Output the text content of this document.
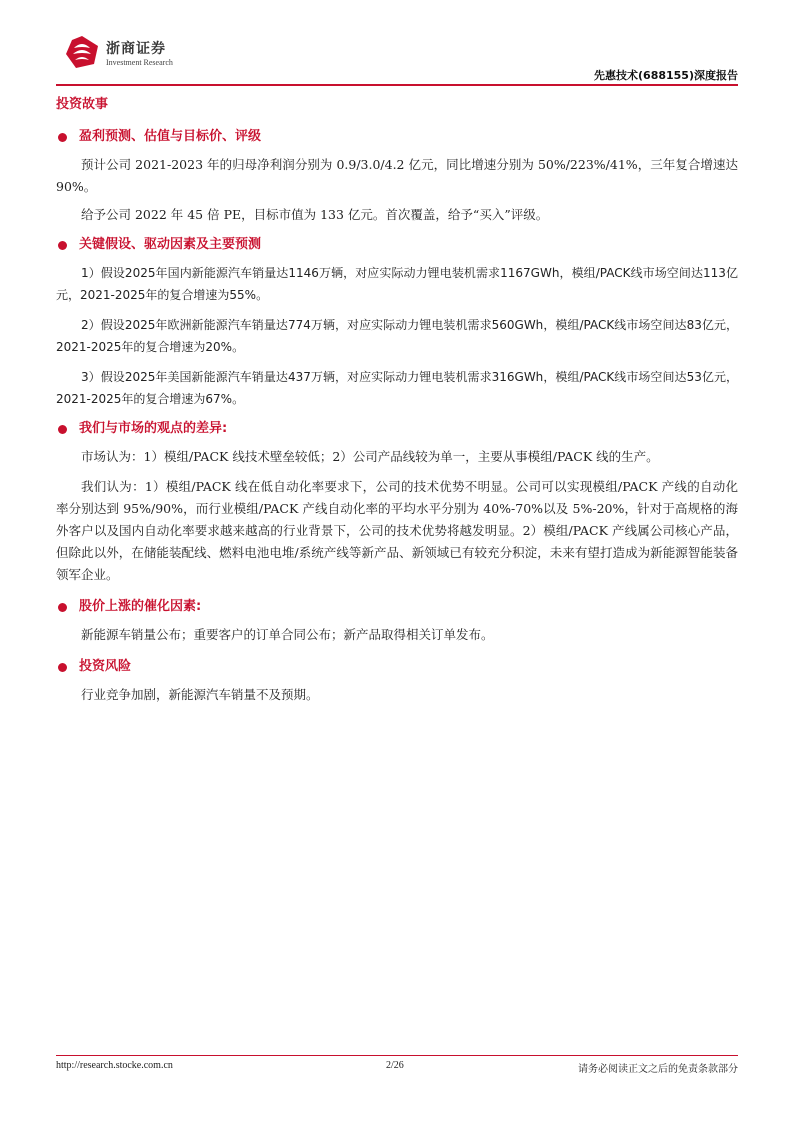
浙商证券
Investment Research
先惠技术(688155)深度报告
投资故事
盈利预测、估值与目标价、评级

预计公司 2021-2023 年的归母净利润分别为 0.9/3.0/4.2 亿元，同比增速分别为 50%/223%/41%，三年复合增速达 90%。

给予公司 2022 年 45 倍 PE，目标市值为 133 亿元。首次覆盖，给予“买入”评级。

关键假设、驱动因素及主要预测

1）假设2025年国内新能源汽车销量达1146万辆，对应实际动力锂电装机需求1167GWh，模组/PACK线市场空间达113亿元，2021-2025年的复合增速为55%。

2）假设2025年欧洲新能源汽车销量达774万辆，对应实际动力锂电装机需求560GWh，模组/PACK线市场空间达83亿元，2021-2025年的复合增速为20%。

3）假设2025年美国新能源汽车销量达437万辆，对应实际动力锂电装机需求316GWh，模组/PACK线市场空间达53亿元，2021-2025年的复合增速为67%。

我们与市场的观点的差异:

市场认为：1）模组/PACK 线技术壁垒较低；2）公司产品线较为单一，主要从事模组/PACK 线的生产。

我们认为：1）模组/PACK 线在低自动化率要求下，公司的技术优势不明显。公司可以实现模组/PACK 产线的自动化率分别达到 95%/90%，而行业模组/PACK 产线自动化率的平均水平分别为 40%-70%以及 5%-20%，针对于高规格的海外客户以及国内自动化率要求越来越高的行业背景下，公司的技术优势将越发明显。2）模组/PACK 产线属公司核心产品，但除此以外，在储能装配线、燃料电池电堆/系统产线等新产品、新领域已有较充分积淀，未来有望打造成为新能源智能装备领军企业。

股价上涨的催化因素:

新能源车销量公布；重要客户的订单合同公布；新产品取得相关订单发布。

投资风险

行业竞争加剧，新能源汽车销量不及预期。

http://research.stocke.com.cn	2/26	请务必阅读正文之后的免责条款部分
